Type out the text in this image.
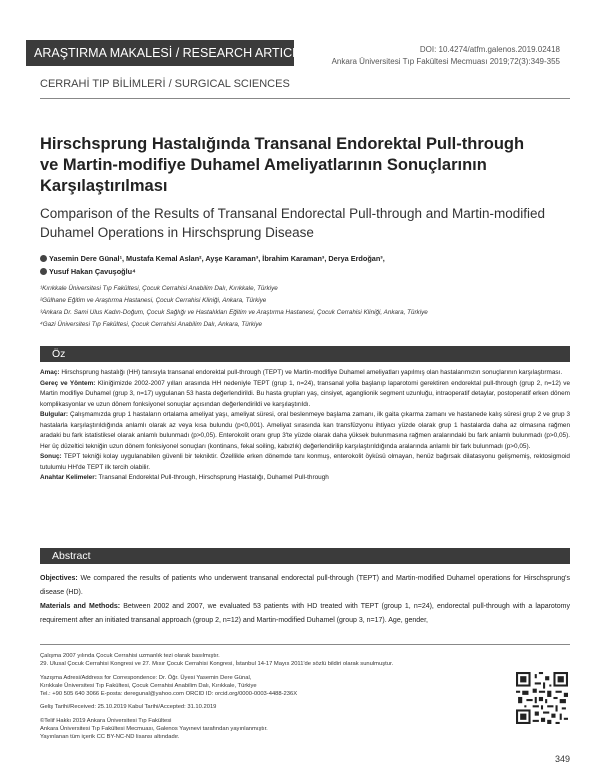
ARAŞTIRMA MAKALESİ / RESEARCH ARTICLE	DOI: 10.4274/atfm.galenos.2019.02418
Ankara Üniversitesi Tıp Fakültesi Mecmuası 2019;72(3):349-355
CERRAHİ TIP BİLİMLERİ / SURGICAL SCIENCES
Hirschsprung Hastalığında Transanal Endorektal Pull-through
ve Martin-modifiye Duhamel Ameliyatlarının Sonuçlarının
Karşılaştırılması
Comparison of the Results of Transanal Endorectal Pull-through and Martin-modified
Duhamel Operations in Hirschsprung Disease
Yasemin Dere Günal¹, Mustafa Kemal Aslan², Ayşe Karaman³, İbrahim Karaman³, Derya Erdoğan³,
Yusuf Hakan Çavuşoğlu⁴
¹Kırıkkale Üniversitesi Tıp Fakültesi, Çocuk Cerrahisi Anabilim Dalı, Kırıkkale, Türkiye
²Gülhane Eğitim ve Araştırma Hastanesi, Çocuk Cerrahisi Kliniği, Ankara, Türkiye
³Ankara Dr. Sami Ulus Kadın-Doğum, Çocuk Sağlığı ve Hastalıkları Eğitim ve Araştırma Hastanesi, Çocuk Cerrahisi Kliniği, Ankara, Türkiye
⁴Gazi Üniversitesi Tıp Fakültesi, Çocuk Cerrahisi Anabilim Dalı, Ankara, Türkiye
Öz

Amaç: Hirschsprung hastalığı (HH) tanısıyla transanal endorektal pull-through (TEPT) ve Martin-modifiye Duhamel ameliyatları yapılmış olan hastalarımızın sonuçlarının karşılaştırması.

Gereç ve Yöntem: Kliniğimizde 2002-2007 yılları arasında HH nedeniyle TEPT (grup 1, n=24), transanal yolla başlanıp laparotomi gerektiren endorektal pull-through (grup 2, n=12) ve Martin modifiye Duhamel (grup 3, n=17) uygulanan 53 hasta değerlendirildi. Bu hasta grupları yaş, cinsiyet, aganglionik segment uzunluğu, intraoperatif detaylar, postoperatif erken dönem komplikasyonlar ve uzun dönem fonksiyonel sonuçlar açısından değerlendirildi ve karşılaştırıldı.

Bulgular: Çalışmamızda grup 1 hastaların ortalama ameliyat yaşı, ameliyat süresi, oral beslenmeye başlama zamanı, ilk gaita çıkarma zamanı ve hastanede kalış süresi grup 2 ve grup 3 hastalarla karşılaştırıldığında anlamlı olarak az veya kısa bulundu (p<0,001). Ameliyat sırasında kan transfüzyonu ihtiyacı yüzde olarak grup 1 hastalarda daha az olmasına rağmen aradaki bu fark istatistiksel olarak anlamlı bulunmadı (p>0,05). Enterokolit oranı grup 3'te yüzde olarak daha yüksek bulunmasına rağmen aralarındaki bu fark anlamlı bulunmadı (p>0,05). Her üç düzeltici tekniğin uzun dönem fonksiyonel sonuçları (kontinans, fekal soiling, kabızlık) değerlendirilip karşılaştırıldığında aralarında anlamlı bir fark bulunmadı (p>0,05).

Sonuç: TEPT tekniği kolay uygulanabilen güvenli bir tekniktir. Özellikle erken dönemde tanı konmuş, enterokolit öyküsü olmayan, henüz bağırsak dilatasyonu gelişmemiş, rektosigmoid tutulumlu HH'de TEPT ilk tercih olabilir.

Anahtar Kelimeler: Transanal Endorektal Pull-through, Hirschsprung Hastalığı, Duhamel Pull-through

Abstract

Objectives: We compared the results of patients who underwent transanal endorectal pull-through (TEPT) and Martin-modified Duhamel operations for Hirschsprung's disease (HD).

Materials and Methods: Between 2002 and 2007, we evaluated 53 patients with HD treated with TEPT (group 1, n=24), endorectal pull-through with a laparotomy requirement after an initiated transanal approach (group 2, n=12) and Martin-modified Duhamel (group 3, n=17). Age, gender,

Çalışma 2007 yılında Çocuk Cerrahisi uzmanlık tezi olarak basılmıştır.
29. Ulusal Çocuk Cerrahisi Kongresi ve 27. Mısır Çocuk Cerrahisi Kongresi, İstanbul 14-17 Mayıs 2011'de sözlü bildiri olarak sunulmuştur.
Yazışma Adresi/Address for Correspondence: Dr. Öğr. Üyesi Yasemin Dere Günal,
Kırıkkale Üniversitesi Tıp Fakültesi, Çocuk Cerrahisi Anabilim Dalı, Kırıkkale, Türkiye
Tel.: +90 505 640 3066 E-posta: deregunal@yahoo.com ORCID ID: orcid.org/0000-0003-4488-236X
Geliş Tarihi/Received: 25.10.2019 Kabul Tarihi/Accepted: 31.10.2019
©Telif Hakkı 2019 Ankara Üniversitesi Tıp Fakültesi
Ankara Üniversitesi Tıp Fakültesi Mecmuası, Galenos Yayınevi tarafından yayınlanmıştır.
Yayınlanan tüm içerik CC BY-NC-ND lisansı altındadır.
349
